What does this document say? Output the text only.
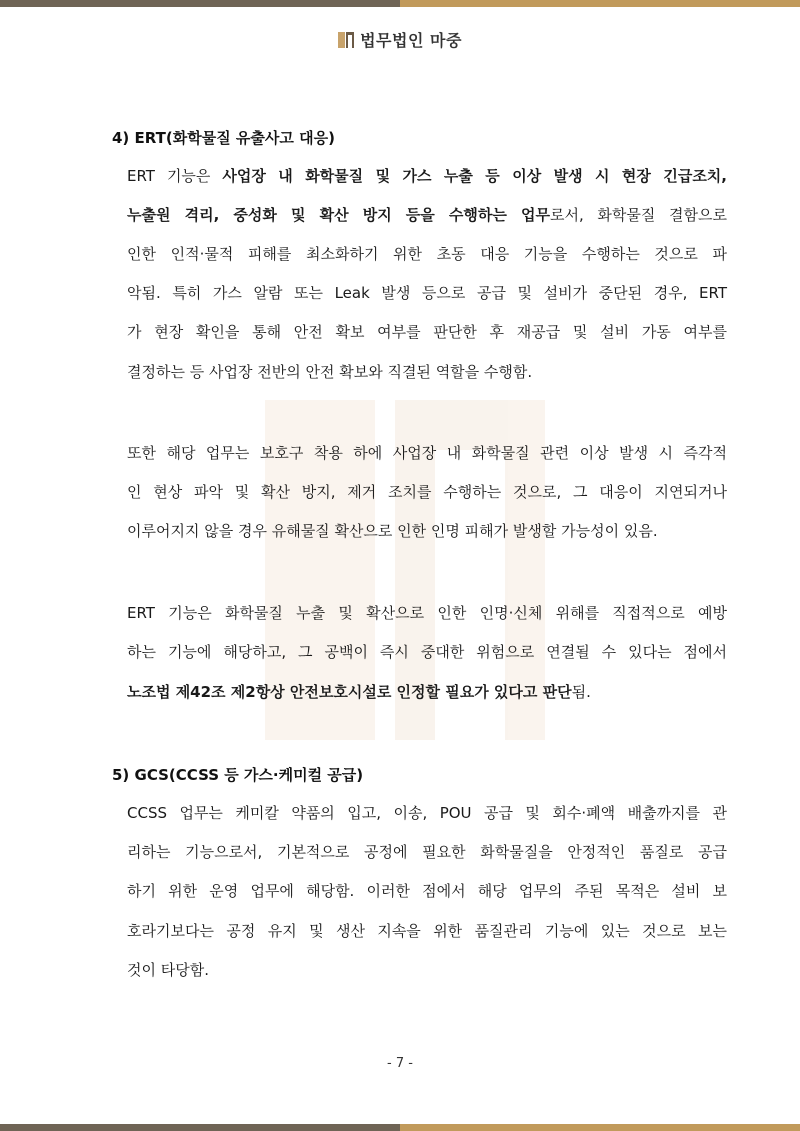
법무법인 마중
4) ERT(화학물질 유출사고 대응)
ERT 기능은 사업장 내 화학물질 및 가스 누출 등 이상 발생 시 현장 긴급조치,
누출원 격리, 중성화 및 확산 방지 등을 수행하는 업무로서, 화학물질 결함으로
인한 인적·물적 피해를 최소화하기 위한 초동 대응 기능을 수행하는 것으로 파
악됨. 특히 가스 알람 또는 Leak 발생 등으로 공급 및 설비가 중단된 경우, ERT
가 현장 확인을 통해 안전 확보 여부를 판단한 후 재공급 및 설비 가동 여부를
결정하는 등 사업장 전반의 안전 확보와 직결된 역할을 수행함.
또한 해당 업무는 보호구 착용 하에 사업장 내 화학물질 관련 이상 발생 시 즉각적
인 현상 파악 및 확산 방지, 제거 조치를 수행하는 것으로, 그 대응이 지연되거나
이루어지지 않을 경우 유해물질 확산으로 인한 인명 피해가 발생할 가능성이 있음.
ERT 기능은 화학물질 누출 및 확산으로 인한 인명·신체 위해를 직접적으로 예방
하는 기능에 해당하고, 그 공백이 즉시 중대한 위험으로 연결될 수 있다는 점에서
노조법 제42조 제2항상 안전보호시설로 인정할 필요가 있다고 판단됨.
5) GCS(CCSS 등 가스·케미컬 공급)
CCSS 업무는 케미칼 약품의 입고, 이송, POU 공급 및 회수·폐액 배출까지를 관
리하는 기능으로서, 기본적으로 공정에 필요한 화학물질을 안정적인 품질로 공급
하기 위한 운영 업무에 해당함. 이러한 점에서 해당 업무의 주된 목적은 설비 보
호라기보다는 공정 유지 및 생산 지속을 위한 품질관리 기능에 있는 것으로 보는
것이 타당함.
- 7 -
